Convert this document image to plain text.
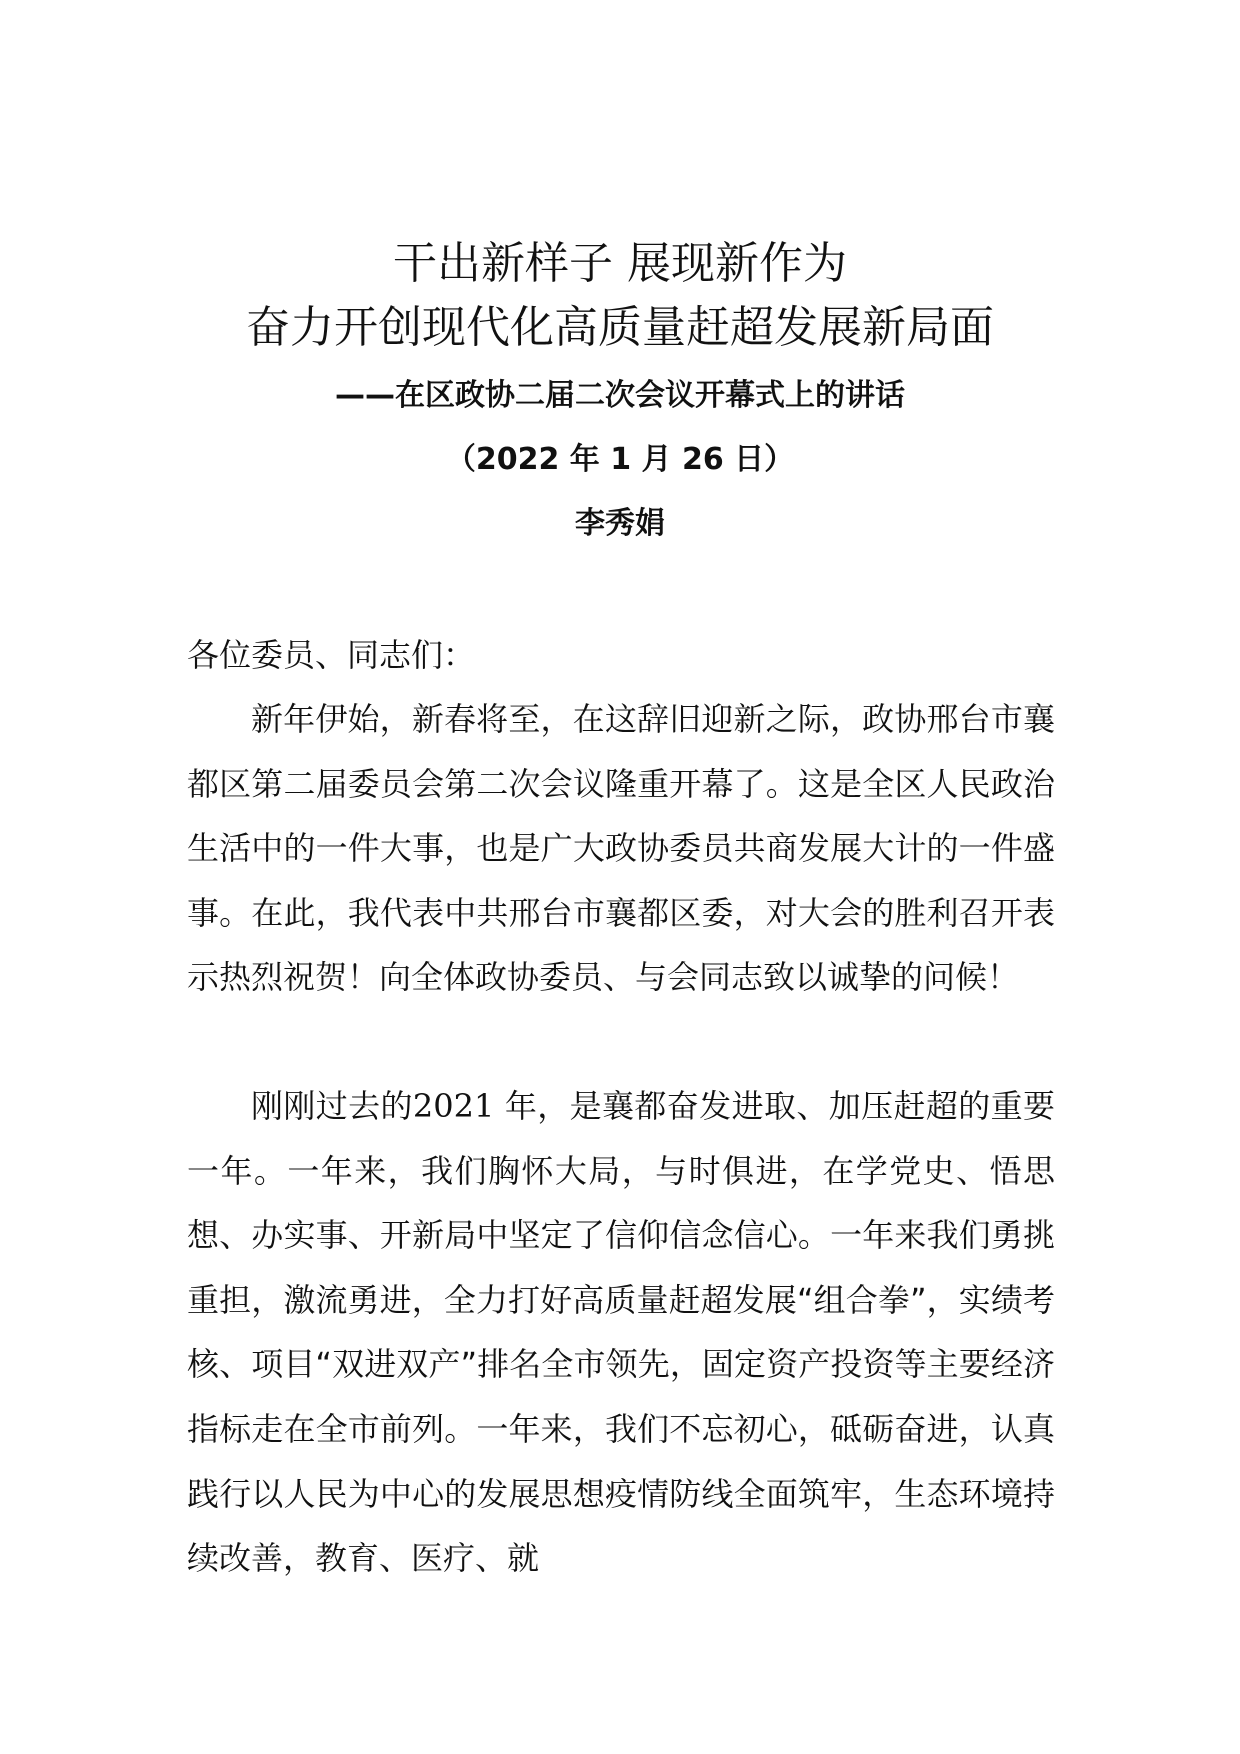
干出新样子 展现新作为
奋力开创现代化高质量赶超发展新局面
——在区政协二届二次会议开幕式上的讲话
（2022 年 1 月 26 日）
李秀娟
各位委员、同志们：
新年伊始，新春将至，在这辞旧迎新之际，政协邢台市襄都区第二届委员会第二次会议隆重开幕了。这是全区人民政治生活中的一件大事，也是广大政协委员共商发展大计的一件盛事。在此，我代表中共邢台市襄都区委，对大会的胜利召开表示热烈祝贺！向全体政协委员、与会同志致以诚挚的问候！
刚刚过去的2021 年，是襄都奋发进取、加压赶超的重要一年。一年来，我们胸怀大局，与时俱进，在学党史、悟思想、办实事、开新局中坚定了信仰信念信心。一年来我们勇挑重担，激流勇进，全力打好高质量赶超发展“组合拳”，实绩考核、项目“双进双产”排名全市领先，固定资产投资等主要经济指标走在全市前列。一年来，我们不忘初心，砥砺奋进，认真践行以人民为中心的发展思想疫情防线全面筑牢，生态环境持续改善，教育、医疗、就
